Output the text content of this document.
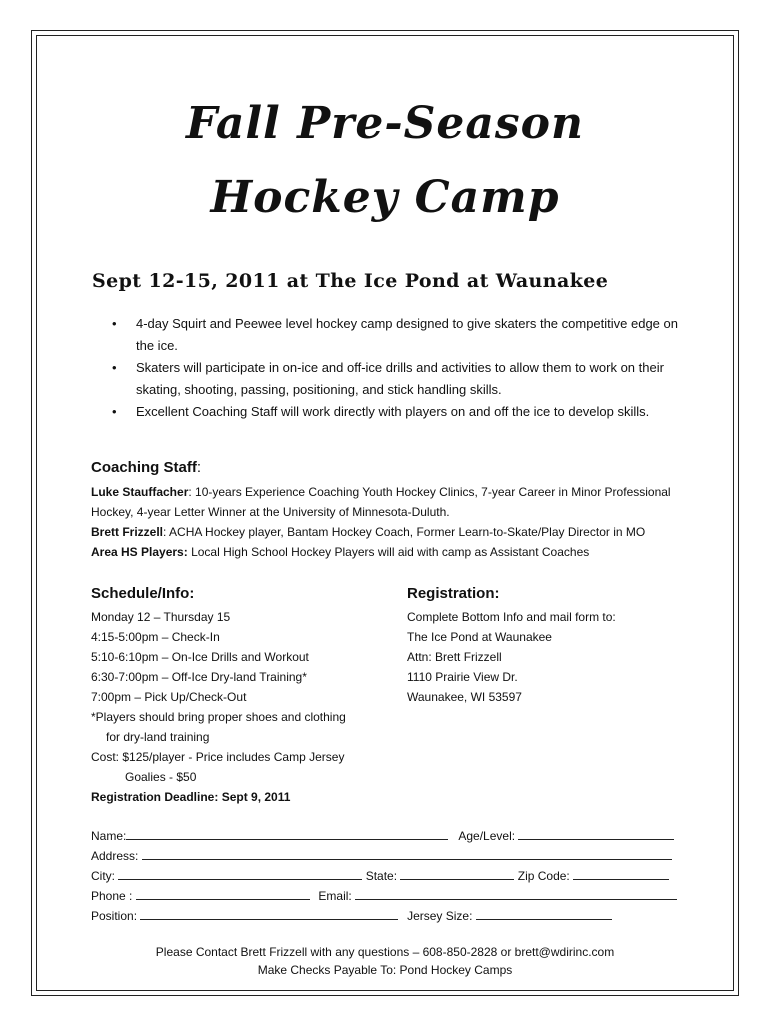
Fall Pre-Season
Hockey Camp
Sept 12-15, 2011 at The Ice Pond at Waunakee
• 4-day Squirt and Peewee level hockey camp designed to give skaters the competitive edge on the ice.
• Skaters will participate in on-ice and off-ice drills and activities to allow them to work on their skating, shooting, passing, positioning, and stick handling skills.
• Excellent Coaching Staff will work directly with players on and off the ice to develop skills.

Coaching Staff:

Luke Stauffacher: 10-years Experience Coaching Youth Hockey Clinics, 7-year Career in Minor Professional Hockey, 4-year Letter Winner at the University of Minnesota-Duluth.

Brett Frizzell: ACHA Hockey player, Bantam Hockey Coach, Former Learn-to-Skate/Play Director in MO

Area HS Players: Local High School Hockey Players will aid with camp as Assistant Coaches

Schedule/Info:	Registration:

Monday 12 – Thursday 15

4:15-5:00pm – Check-In

5:10-6:10pm – On-Ice Drills and Workout

6:30-7:00pm – Off-Ice Dry-land Training*

7:00pm – Pick Up/Check-Out

*Players should bring proper shoes and clothing

for dry-land training

Cost: $125/player - Price includes Camp Jersey

Goalies - $50

Registration Deadline: Sept 9, 2011

Complete Bottom Info and mail form to:

The Ice Pond at Waunakee

Attn: Brett Frizzell

1110 Prairie View Dr.

Waunakee, WI 53597

Name:	Age/Level:
Address:
City:	State:	Zip Code:
Phone :	Email:
Position:	Jersey Size:

Please Contact Brett Frizzell with any questions – 608-850-2828 or brett@wdirinc.com

Make Checks Payable To: Pond Hockey Camps
